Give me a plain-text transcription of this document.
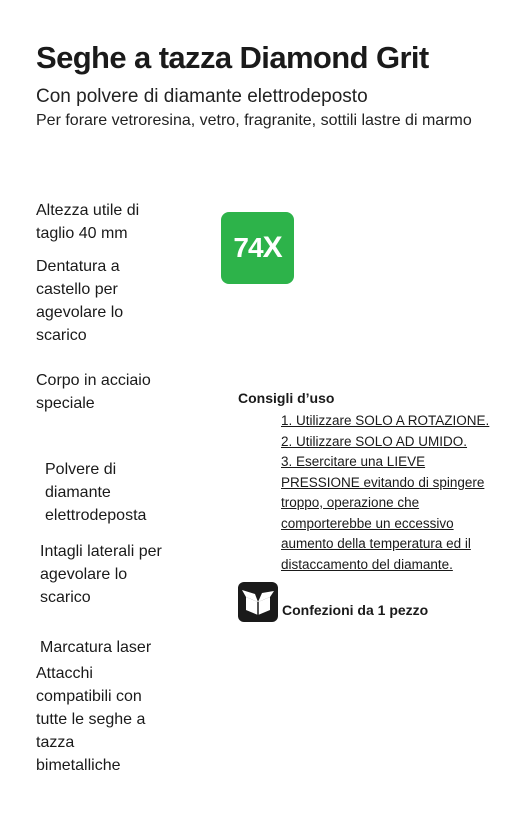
Seghe a tazza Diamond Grit
Con polvere di diamante elettrodeposto
Per forare vetroresina, vetro, fragranite, sottili lastre di marmo
Altezza utile di taglio 40 mm
Dentatura a castello per agevolare lo scarico
Corpo in acciaio speciale
Polvere di diamante elettrodeposta
Intagli laterali per agevolare lo scarico
Marcatura laser
Attacchi compatibili con tutte le seghe a tazza bimetalliche
74 X
Consigli d’uso
1. Utilizzare SOLO A ROTAZIONE.
2. Utilizzare SOLO AD UMIDO.
3. Esercitare una LIEVE PRESSIONE evitando di spingere troppo, operazione che comporterebbe un eccessivo aumento della temperatura ed il distaccamento del diamante.
Confezioni da 1 pezzo
